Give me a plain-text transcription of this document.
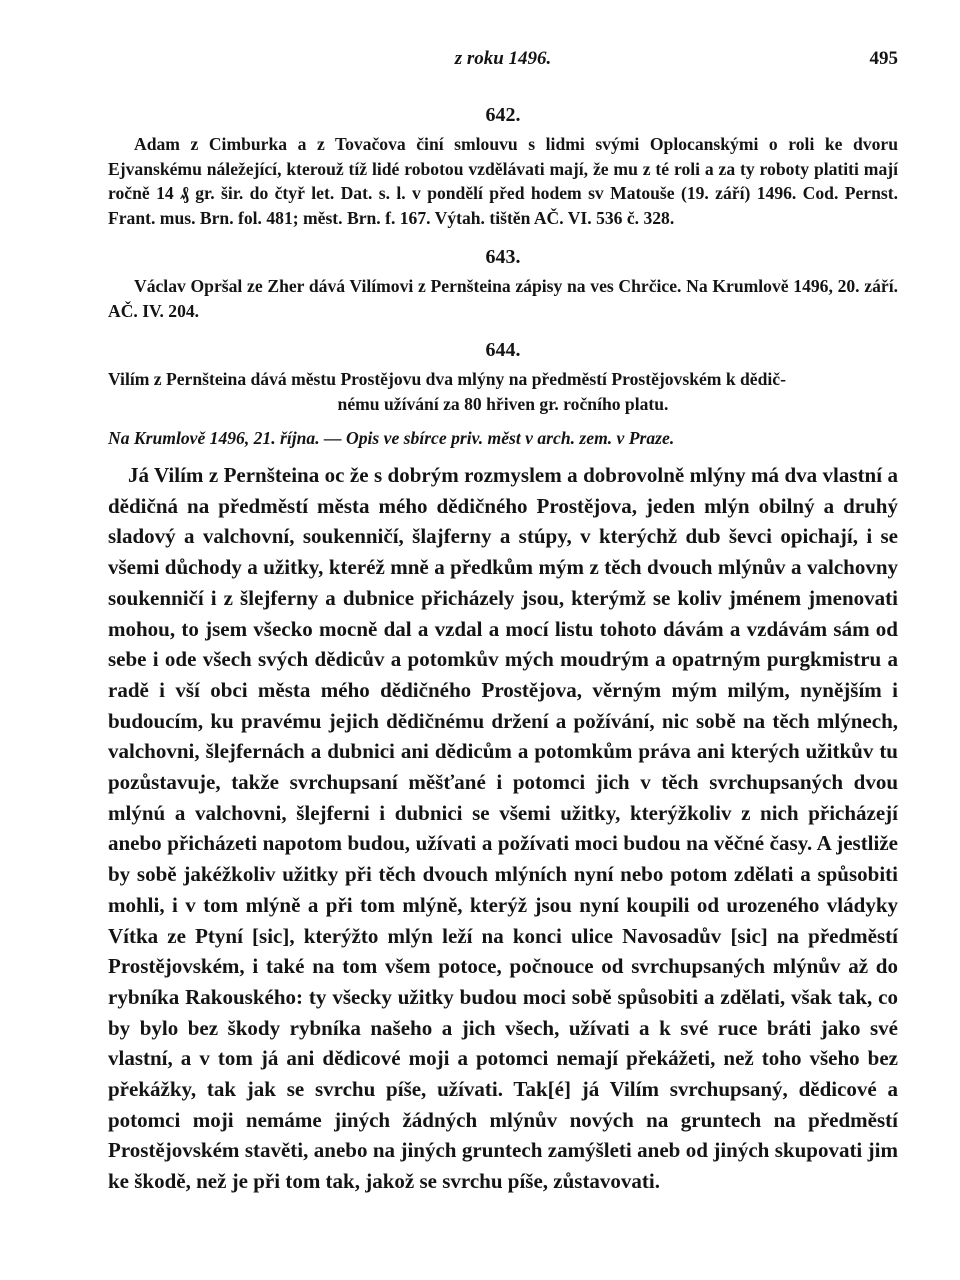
z roku 1496.	495
642.

Adam z Cimburka a z Tovačova činí smlouvu s lidmi svými Oplocanskými o roli ke dvoru Ejvanskému náležející, kterouž tíž lidé robotou vzdělávati mají, že mu z té roli a za ty roboty platiti mají ročně 14 ₰ gr. šir. do čtyř let. Dat. s. l. v pondělí před hodem sv Matouše (19. září) 1496. Cod. Pernst. Frant. mus. Brn. fol. 481; měst. Brn. f. 167. Výtah. tištěn AČ. VI. 536 č. 328.

643.

Václav Opršal ze Zher dává Vilímovi z Pernšteina zápisy na ves Chrčice. Na Krumlově 1496, 20. září. AČ. IV. 204.

644.

Vilím z Pernšteina dává městu Prostějovu dva mlýny na předměstí Prostějovském k dědič-
nému užívání za 80 hřiven gr. ročního platu.

Na Krumlově 1496, 21. října. — Opis ve sbírce priv. měst v arch. zem. v Praze.

Já Vilím z Pernšteina oc že s dobrým rozmyslem a dobrovolně mlýny má dva vlastní a dědičná na předměstí města mého dědičného Prostějova, jeden mlýn obilný a druhý sladový a valchovní, soukenničí, šlajferny a stúpy, v kterýchž dub ševci opichají, i se všemi důchody a užitky, kteréž mně a předkům mým z těch dvouch mlýnův a valchovny soukenničí i z šlejferny a dubnice přicházely jsou, kterýmž se koliv jménem jmenovati mohou, to jsem všecko mocně dal a vzdal a mocí listu tohoto dávám a vzdávám sám od sebe i ode všech svých dědicův a potomkův mých moudrým a opatrným purgkmistru a radě i vší obci města mého dědičného Prostějova, věrným mým milým, nynějším i budoucím, ku pravému jejich dědičnému držení a požívání, nic sobě na těch mlýnech, valchovni, šlejfernách a dubnici ani dědicům a potomkům práva ani kterých užitkův tu pozůstavuje, takže svrchupsaní měšťané i potomci jich v těch svrchupsaných dvou mlýnú a valchovni, šlejferni i dubnici se všemi užitky, kterýžkoliv z nich přicházejí anebo přicházeti napotom budou, užívati a požívati moci budou na věčné časy. A jestliže by sobě jakéžkoliv užitky při těch dvouch mlýních nyní nebo potom zdělati a spůsobiti mohli, i v tom mlýně a při tom mlýně, kterýž jsou nyní koupili od urozeného vládyky Vítka ze Ptyní [sic], kterýžto mlýn leží na konci ulice Navosadův [sic] na předměstí Prostějovském, i také na tom všem potoce, počnouce od svrchupsaných mlýnův až do rybníka Rakouského: ty všecky užitky budou moci sobě spůsobiti a zdělati, však tak, co by bylo bez škody rybníka našeho a jich všech, užívati a k své ruce bráti jako své vlastní, a v tom já ani dědicové moji a potomci nemají překážeti, než toho všeho bez překážky, tak jak se svrchu píše, užívati. Tak[é] já Vilím svrchupsaný, dědicové a potomci moji nemáme jiných žádných mlýnův nových na gruntech na předměstí Prostějovském stavěti, anebo na jiných gruntech zamýšleti aneb od jiných skupovati jim ke škodě, než je při tom tak, jakož se svrchu píše, zůstavovati.
